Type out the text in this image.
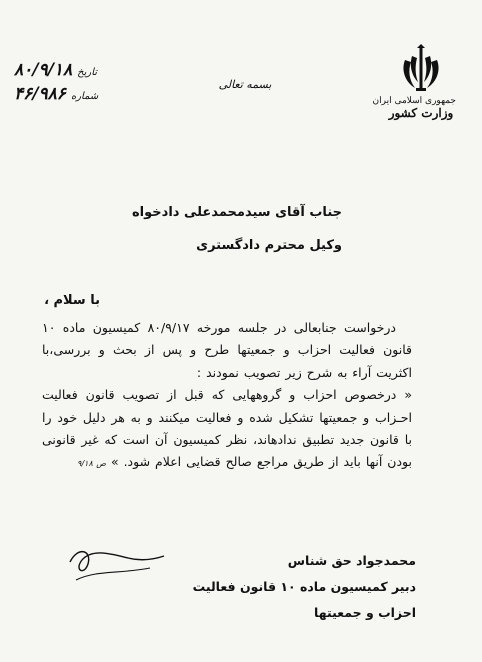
جمهوری اسلامی ایران
وزارت کشور
بسمه تعالی
تاریخ ۸۰/۹/۱۸
شماره ۴۶/۹۸۶
جناب آقای سیدمحمدعلی دادخواه
وکیل محترم دادگستری
با سلام ،

درخواست جنابعالی در جلسه مورخه ۸۰/۹/۱۷ کمیسیون ماده ۱۰ قانون فعالیت احزاب و جمعیتها طرح و پس از بحث و بررسی،با اکثریت آراء به شرح زیر تصویب نمودند :

« درخصوص احزاب و گروههایی که قبل از تصویب قانون فعالیت احـزاب و جمعیتها تشکیل شده و فعالیت میکنند و به هر دلیل خود را با قانون جدید تطبیق ندادهاند، نظر کمیسیون آن است که غیر قانونی بودن آنها باید از طریق مراجع صالح قضایی اعلام شود. » ص ۹/۱۸

محمدجواد حق شناس
دبیر کمیسیون ماده ۱۰ قانون فعالیت
احزاب و جمعیتها
